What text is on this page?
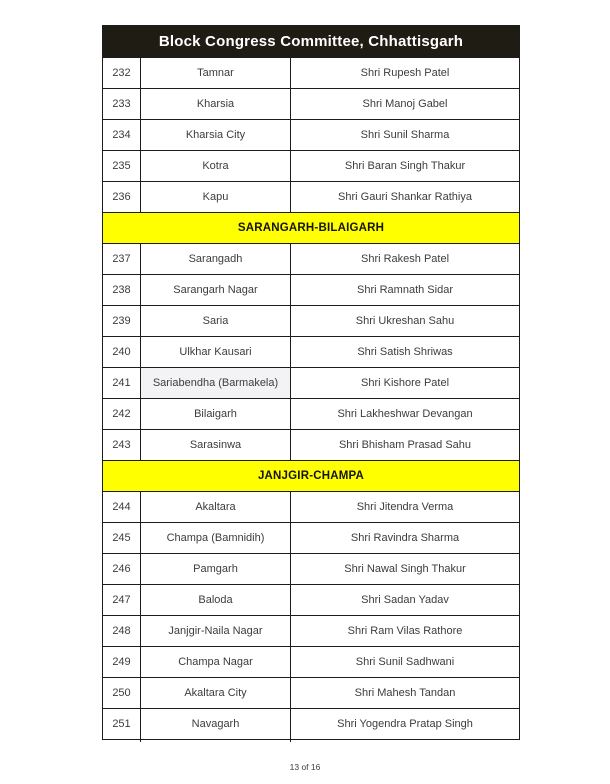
Block Congress Committee, Chhattisgarh		
232	Tamnar	Shri Rupesh Patel
233	Kharsia	Shri Manoj Gabel
234	Kharsia City	Shri Sunil Sharma
235	Kotra	Shri Baran Singh Thakur
236	Kapu	Shri Gauri Shankar Rathiya
SARANGARH-BILAIGARH		
237	Sarangadh	Shri Rakesh Patel
238	Sarangarh Nagar	Shri Ramnath Sidar
239	Saria	Shri Ukreshan Sahu
240	Ulkhar Kausari	Shri Satish Shriwas
241	Sariabendha (Barmakela)	Shri Kishore Patel
242	Bilaigarh	Shri Lakheshwar Devangan
243	Sarasinwa	Shri Bhisham Prasad Sahu
JANJGIR-CHAMPA		
244	Akaltara	Shri Jitendra Verma
245	Champa (Bamnidih)	Shri Ravindra Sharma
246	Pamgarh	Shri Nawal Singh Thakur
247	Baloda	Shri Sadan Yadav
248	Janjgir-Naila Nagar	Shri Ram Vilas Rathore
249	Champa Nagar	Shri Sunil Sadhwani
250	Akaltara City	Shri Mahesh Tandan
251	Navagarh	Shri Yogendra Pratap Singh
13 of 16
